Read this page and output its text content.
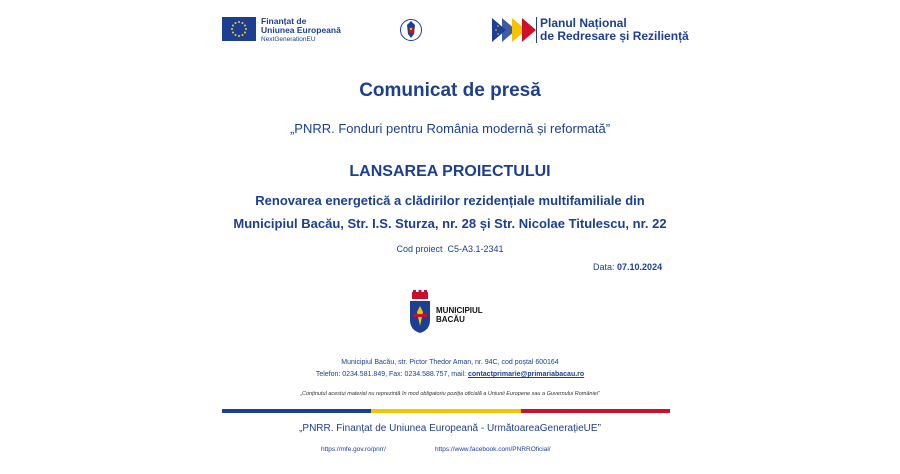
Finanțat de
Uniunea Europeană
NextGenerationEU
Planul Național
de Redresare și Reziliență
Comunicat de presă
„PNRR. Fonduri pentru România modernă și reformată”
LANSAREA PROIECTULUI
Renovarea energetică a clădirilor rezidențiale multifamiliale din
Municipiul Bacău, Str. I.S. Sturza, nr. 28 și Str. Nicolae Titulescu, nr. 22
Cod proiect C5-A3.1-2341
Data: 07.10.2024
MUNICIPIUL
BACĂU
Municipiul Bacău, str. Pictor Thedor Aman, nr. 94C, cod poștal 600164
Telefon: 0234.581.849, Fax: 0234.588.757, mail: contactprimarie@primariabacau.ro
„Conținutul acestui material nu reprezintă în mod obligatoriu poziția oficială a Uniunii Europene sau a Guvernului României”
„PNRR. Finanțat de Uniunea Europeană - UrmătoareaGenerațieUE”
https://mfe.gov.ro/pnrr/	https://www.facebook.com/PNRROficial/
